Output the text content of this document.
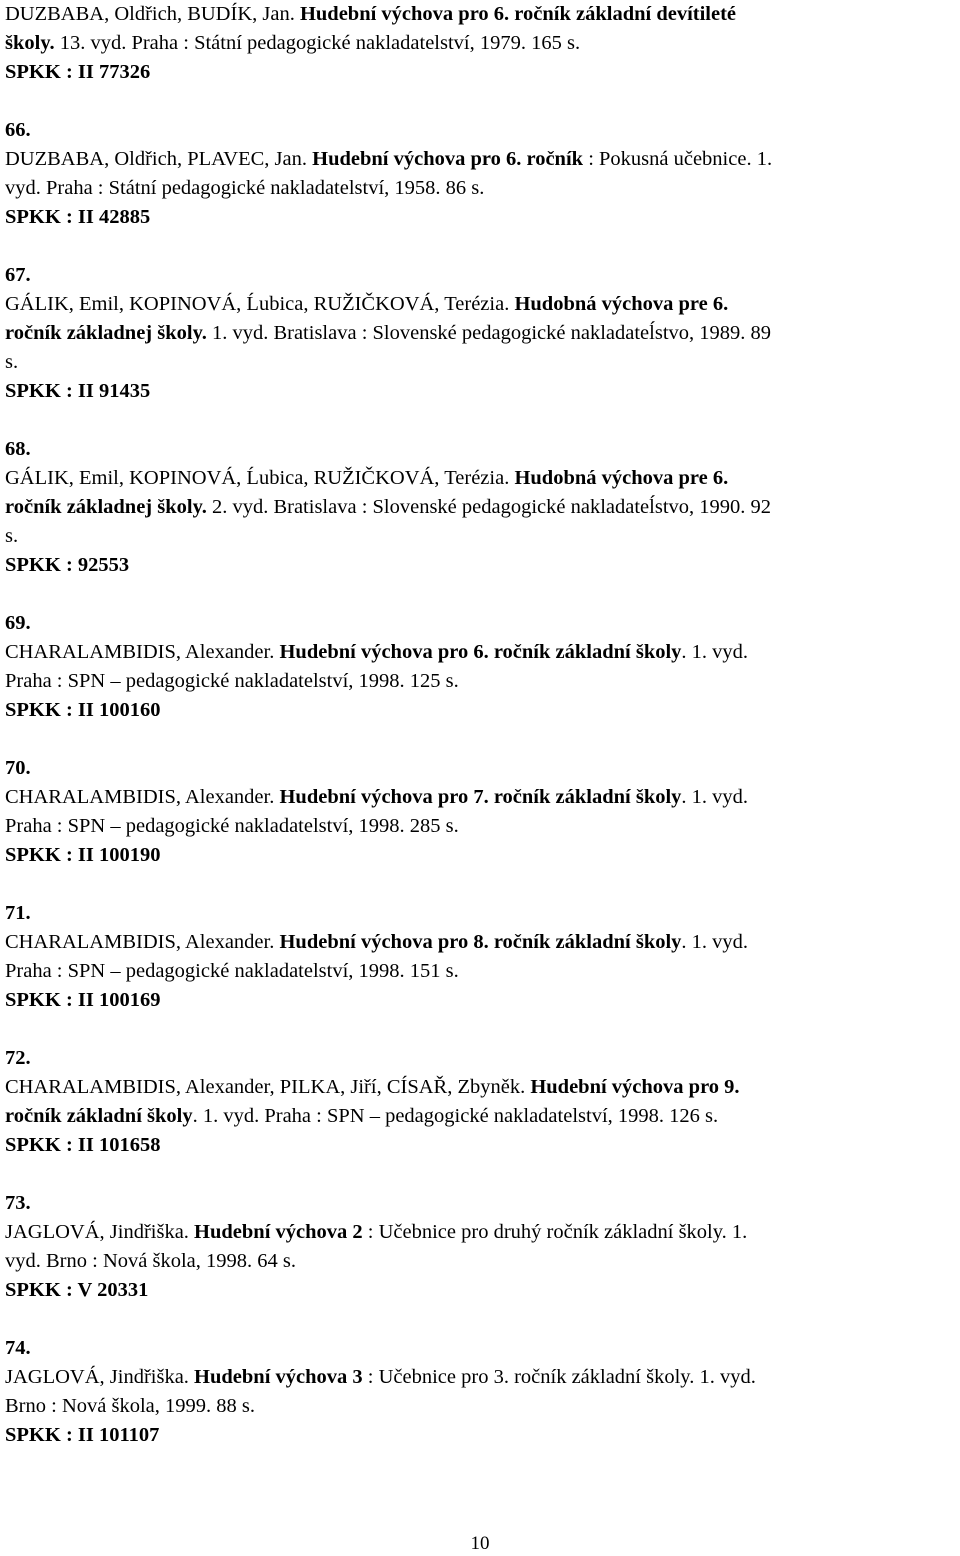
DUZBABA, Oldřich, BUDÍK, Jan. Hudební výchova pro 6. ročník základní devítileté
školy. 13. vyd. Praha : Státní pedagogické nakladatelství, 1979. 165 s.
SPKK : II 77326
66.
DUZBABA, Oldřich, PLAVEC, Jan. Hudební výchova pro 6. ročník : Pokusná učebnice. 1.
vyd. Praha : Státní pedagogické nakladatelství, 1958. 86 s.
SPKK : II 42885
67.
GÁLIK, Emil, KOPINOVÁ, Ĺubica, RUŽIČKOVÁ, Terézia. Hudobná výchova pre 6.
ročník základnej školy. 1. vyd. Bratislava : Slovenské pedagogické nakladateĺstvo, 1989. 89
s.
SPKK : II 91435
68.
GÁLIK, Emil, KOPINOVÁ, Ĺubica, RUŽIČKOVÁ, Terézia. Hudobná výchova pre 6.
ročník základnej školy. 2. vyd. Bratislava : Slovenské pedagogické nakladateĺstvo, 1990. 92
s.
SPKK : 92553
69.
CHARALAMBIDIS, Alexander. Hudební výchova pro 6. ročník základní školy. 1. vyd.
Praha : SPN – pedagogické nakladatelství, 1998. 125 s.
SPKK : II 100160
70.
CHARALAMBIDIS, Alexander. Hudební výchova pro 7. ročník základní školy. 1. vyd.
Praha : SPN – pedagogické nakladatelství, 1998. 285 s.
SPKK : II 100190
71.
CHARALAMBIDIS, Alexander. Hudební výchova pro 8. ročník základní školy. 1. vyd.
Praha : SPN – pedagogické nakladatelství, 1998. 151 s.
SPKK : II 100169
72.
CHARALAMBIDIS, Alexander, PILKA, Jiří, CÍSAŘ, Zbyněk. Hudební výchova pro 9.
ročník základní školy. 1. vyd. Praha : SPN – pedagogické nakladatelství, 1998. 126 s.
SPKK : II 101658
73.
JAGLOVÁ, Jindřiška. Hudební výchova 2 : Učebnice pro druhý ročník základní školy. 1.
vyd. Brno : Nová škola, 1998. 64 s.
SPKK : V 20331
74.
JAGLOVÁ, Jindřiška. Hudební výchova 3 : Učebnice pro 3. ročník základní školy. 1. vyd.
Brno : Nová škola, 1999. 88 s.
SPKK : II 101107
10
